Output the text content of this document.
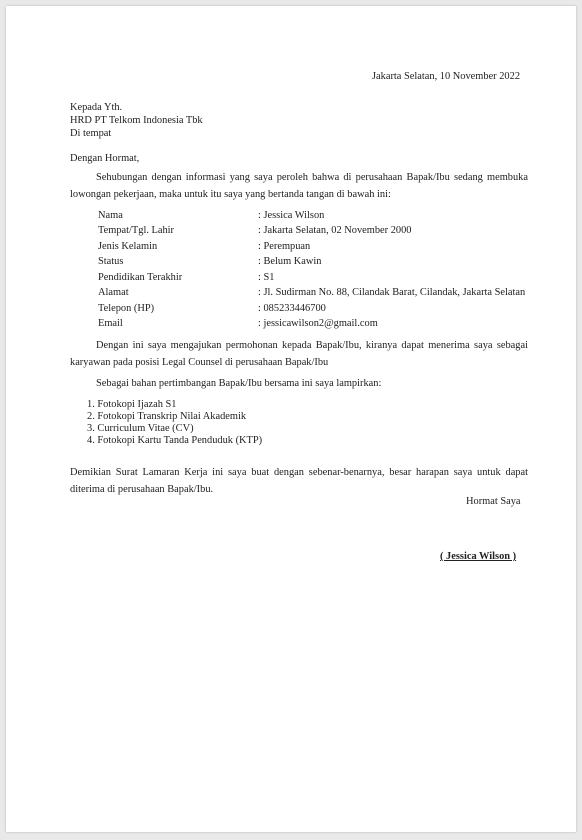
Jakarta Selatan, 10 November 2022
Kepada Yth.
HRD PT Telkom Indonesia Tbk
Di tempat
Dengan Hormat,
Sehubungan dengan informasi yang saya peroleh bahwa di perusahaan Bapak/Ibu sedang membuka lowongan pekerjaan, maka untuk itu saya yang bertanda tangan di bawah ini:
Nama	: Jessica Wilson
Tempat/Tgl. Lahir	: Jakarta Selatan, 02 November 2000
Jenis Kelamin	: Perempuan
Status	: Belum Kawin
Pendidikan Terakhir	: S1
Alamat	: Jl. Sudirman No. 88, Cilandak Barat, Cilandak, Jakarta Selatan
Telepon (HP)	: 085233446700
Email	: jessicawilson2@gmail.com
Dengan ini saya mengajukan permohonan kepada Bapak/Ibu, kiranya dapat menerima saya sebagai karyawan pada posisi Legal Counsel di perusahaan Bapak/Ibu
Sebagai bahan pertimbangan Bapak/Ibu bersama ini saya lampirkan:
1. Fotokopi Ijazah S1
2. Fotokopi Transkrip Nilai Akademik
3. Curriculum Vitae (CV)
4. Fotokopi Kartu Tanda Penduduk (KTP)
Demikian Surat Lamaran Kerja ini saya buat dengan sebenar-benarnya, besar harapan saya untuk dapat diterima di perusahaan Bapak/Ibu.
Hormat Saya
( Jessica Wilson )
